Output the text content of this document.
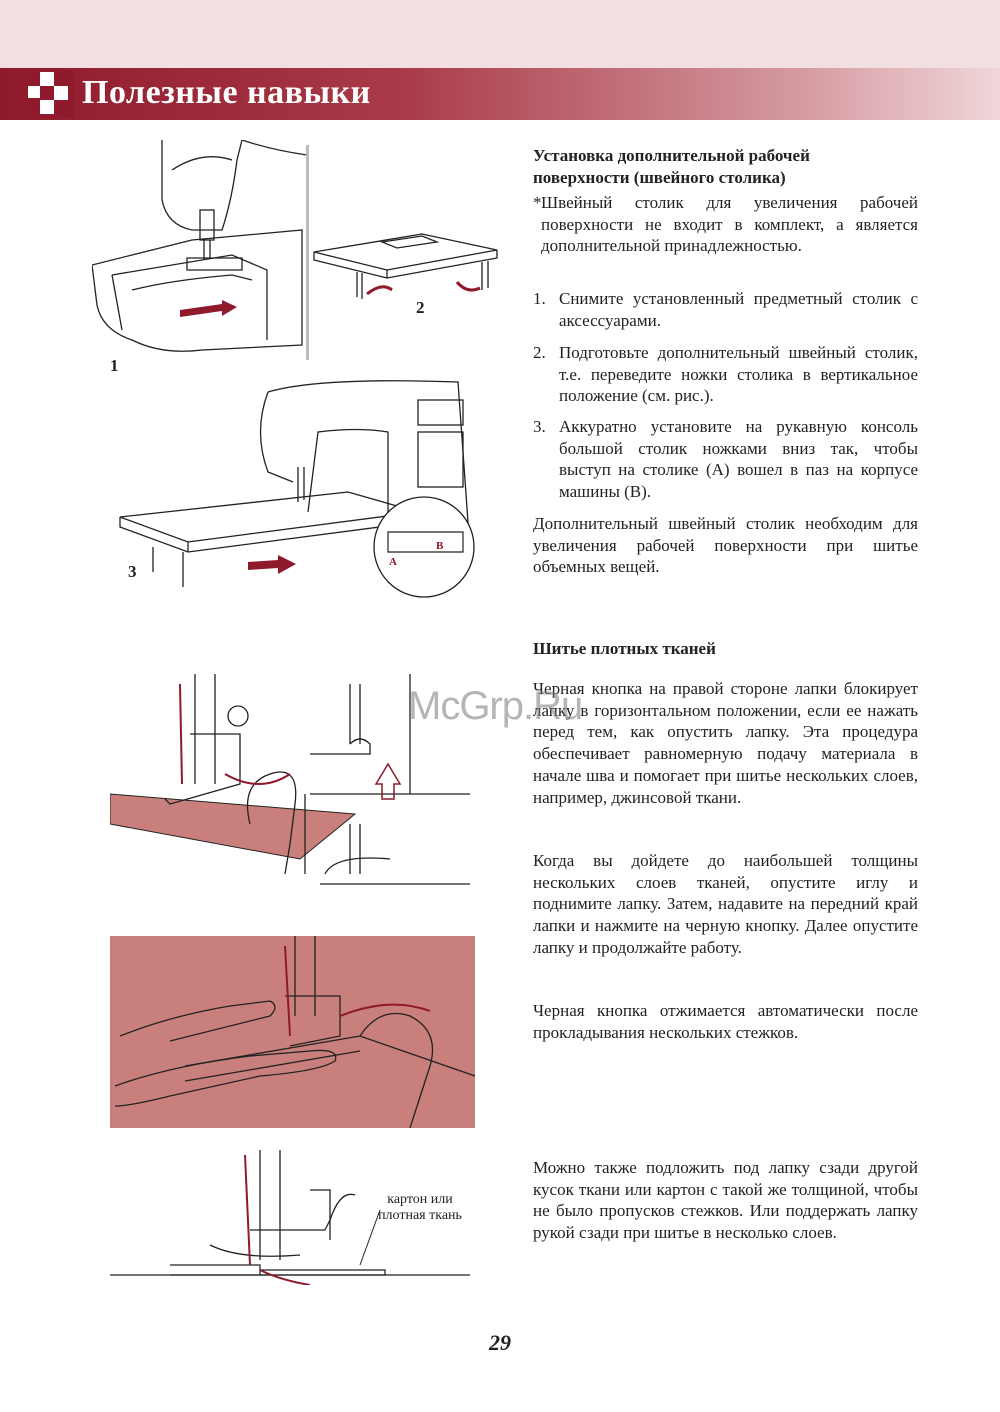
Полезные навыки
1
2
3	A
B
Установка дополнительной рабочей
поверхности (швейного столика)
* Швейный столик для увеличения рабочей поверхности не входит в комплект, а является дополнительной принадлежностью.
1. Снимите установленный предметный столик с аксессуарами.
2. Подготовьте дополнительный швейный столик, т.е. переведите ножки столика в вертикальное положение (см. рис.).
3. Аккуратно установите на рукавную консоль большой столик ножками вниз так, чтобы выступ на столике (А) вошел в паз на корпусе машины (В).
Дополнительный швейный столик необходим для увеличения рабочей поверхности при шитье объемных вещей.
картон или плотная ткань
Шитье плотных тканей
Черная кнопка на правой стороне лапки блокирует лапку в горизонтальном положении, если ее нажать перед тем, как опустить лапку. Эта процедура обеспечивает равномерную подачу материала в начале шва и помогает при шитье нескольких слоев, например, джинсовой ткани.
Когда вы дойдете до наибольшей толщины нескольких слоев тканей, опустите иглу и поднимите лапку. Затем, надавите на передний край лапки и нажмите на черную кнопку. Далее опустите лапку и продолжайте работу.
Черная кнопка отжимается автоматически после прокладывания нескольких стежков.
Можно также подложить под лапку сзади другой кусок ткани или картон с такой же толщиной, чтобы не было пропусков стежков. Или поддержать лапку рукой сзади при шитье в несколько слоев.
McGrp.Ru
29
